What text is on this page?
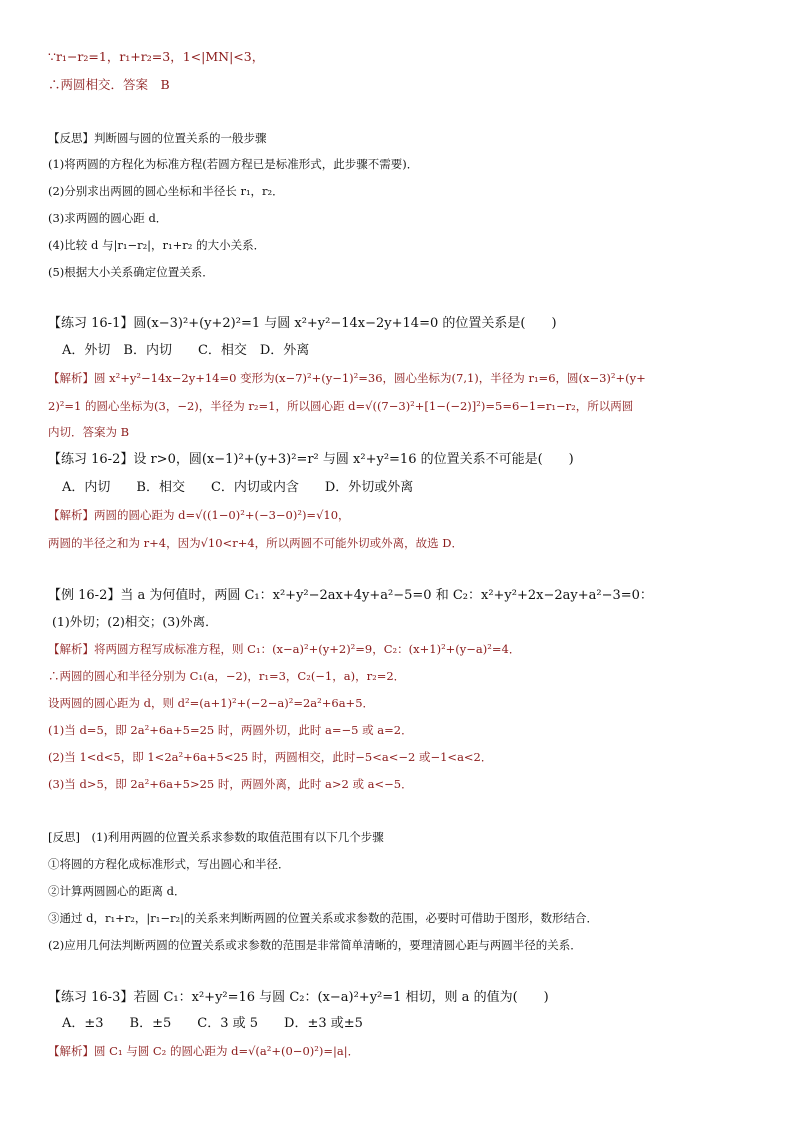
∵r₁−r₂=1，r₁+r₂=3，1<|MN|<3，
∴两圆相交．答案　B
【反思】判断圆与圆的位置关系的一般步骤
(1)将两圆的方程化为标准方程(若圆方程已是标准形式，此步骤不需要)．
(2)分别求出两圆的圆心坐标和半径长 r₁，r₂．
(3)求两圆的圆心距 d．
(4)比较 d 与|r₁−r₂|，r₁+r₂ 的大小关系．
(5)根据大小关系确定位置关系．
【练习 16-1】圆(x−3)²+(y+2)²=1 与圆 x²+y²−14x−2y+14=0 的位置关系是(　　)
A．外切　B．内切　　C．相交　D．外离
【解析】圆 x²+y²−14x−2y+14=0 变形为(x−7)²+(y−1)²=36，圆心坐标为(7,1)，半径为 r₁=6，圆(x−3)²+(y+
2)²=1 的圆心坐标为(3，−2)，半径为 r₂=1，所以圆心距 d=√((7−3)²+[1−(−2)]²)=5=6−1=r₁−r₂，所以两圆
内切．答案为 B
【练习 16-2】设 r>0，圆(x−1)²+(y+3)²=r² 与圆 x²+y²=16 的位置关系不可能是(　　)
A．内切　　B．相交　　C．内切或内含　　D．外切或外离
【解析】两圆的圆心距为 d=√((1−0)²+(−3−0)²)=√10，
两圆的半径之和为 r+4，因为√10<r+4，所以两圆不可能外切或外离，故选 D．
【例 16-2】当 a 为何值时，两圆 C₁：x²+y²−2ax+4y+a²−5=0 和 C₂：x²+y²+2x−2ay+a²−3=0：
(1)外切；(2)相交；(3)外离．
【解析】将两圆方程写成标准方程，则 C₁：(x−a)²+(y+2)²=9，C₂：(x+1)²+(y−a)²=4．
∴两圆的圆心和半径分别为 C₁(a，−2)，r₁=3，C₂(−1，a)，r₂=2．
设两圆的圆心距为 d，则 d²=(a+1)²+(−2−a)²=2a²+6a+5．
(1)当 d=5，即 2a²+6a+5=25 时，两圆外切，此时 a=−5 或 a=2．
(2)当 1<d<5，即 1<2a²+6a+5<25 时，两圆相交，此时−5<a<−2 或−1<a<2．
(3)当 d>5，即 2a²+6a+5>25 时，两圆外离，此时 a>2 或 a<−5．
[反思]　(1)利用两圆的位置关系求参数的取值范围有以下几个步骤
①将圆的方程化成标准形式，写出圆心和半径．
②计算两圆圆心的距离 d．
③通过 d，r₁+r₂，|r₁−r₂|的关系来判断两圆的位置关系或求参数的范围，必要时可借助于图形，数形结合．
(2)应用几何法判断两圆的位置关系或求参数的范围是非常简单清晰的，要理清圆心距与两圆半径的关系．
【练习 16-3】若圆 C₁：x²+y²=16 与圆 C₂：(x−a)²+y²=1 相切，则 a 的值为(　　)
A．±3　　B．±5　　C．3 或 5　　D．±3 或±5
【解析】圆 C₁ 与圆 C₂ 的圆心距为 d=√(a²+(0−0)²)=|a|．
